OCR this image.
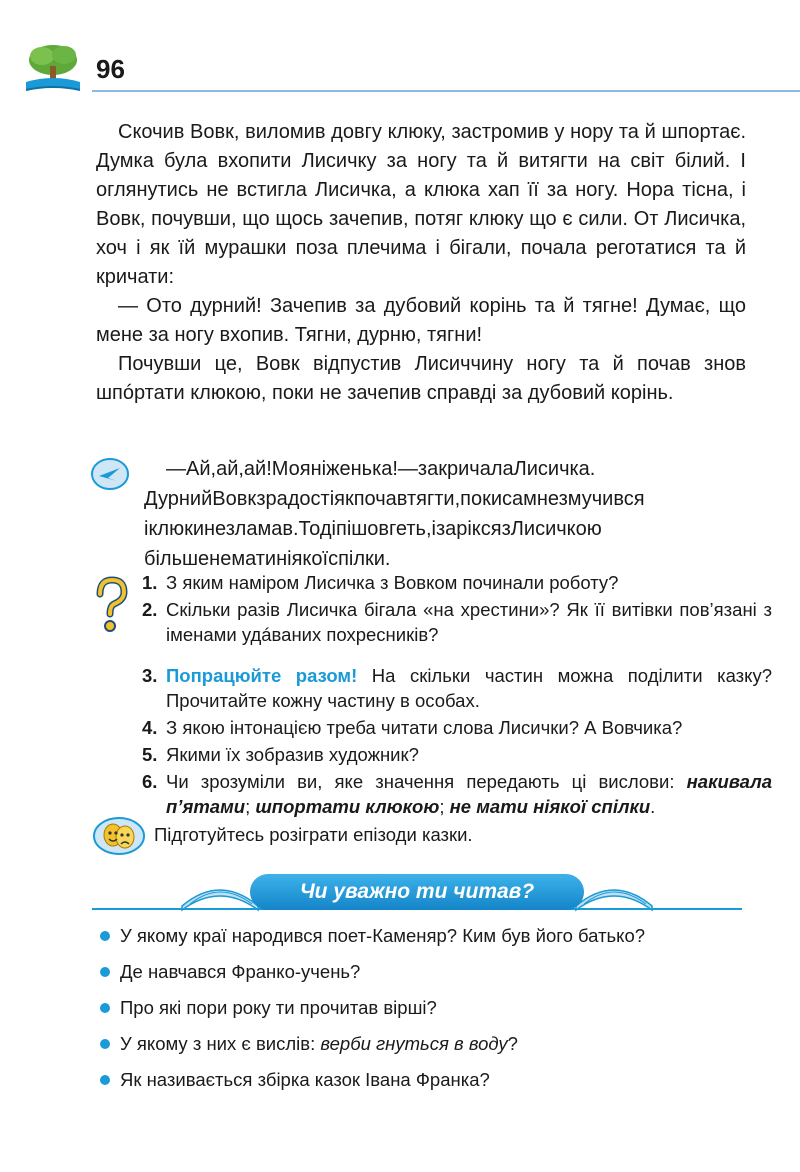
96

Скочив Вовк, виломив довгу клюку, застромив у нору та й шпортає. Думка була вхопити Лисичку за ногу та й витягти на світ білий. І оглянутись не встигла Лисичка, а клюка хап її за ногу. Нора тісна, і Вовк, почувши, що щось зачепив, потяг клюку що є сили. От Лисичка, хоч і як їй мурашки поза плечима і бігали, почала реготатися та й кричати:

— Ото дурний! Зачепив за дубовий корінь та й тягне! Думає, що мене за ногу вхопив. Тягни, дурню, тягни!

Почувши це, Вовк відпустив Лисиччину ногу та й почав знов шпóртати клюкою, поки не зачепив справді за дубовий корінь.

—Ай,ай,ай!Мояніженька!—закричалаЛисичка. ДурнийВовкзрадостіякпочавтягти,покисамнезмучився іклюкинезламав.Тодіпішовгеть,ізаріксязЛисичкою більшенематиніякоїспілки.

1. З яким наміром Лисичка з Вовком починали роботу?
2. Скільки разів Лисичка бігала «на хрестини»? Як її витівки пов’язані з іменами удáваних похресників?
3. Попрацюйте разом! На скільки частин можна поділити казку? Прочитайте кожну частину в особах.
4. З якою інтонацією треба читати слова Лисички? А Вовчика?
5. Якими їх зобразив художник?
6. Чи зрозуміли ви, яке значення передають ці вислови: накивала п’ятами; шпортати клюкою; не мати ніякої спілки.
Підготуйтесь розіграти епізоди казки.
Чи уважно ти читав?
У якому краї народився поет-Каменяр? Ким був його батько?
Де навчався Франко-учень?
Про які пори року ти прочитав вірші?
У якому з них є вислів: верби гнуться в воду?
Як називається збірка казок Івана Франка?
